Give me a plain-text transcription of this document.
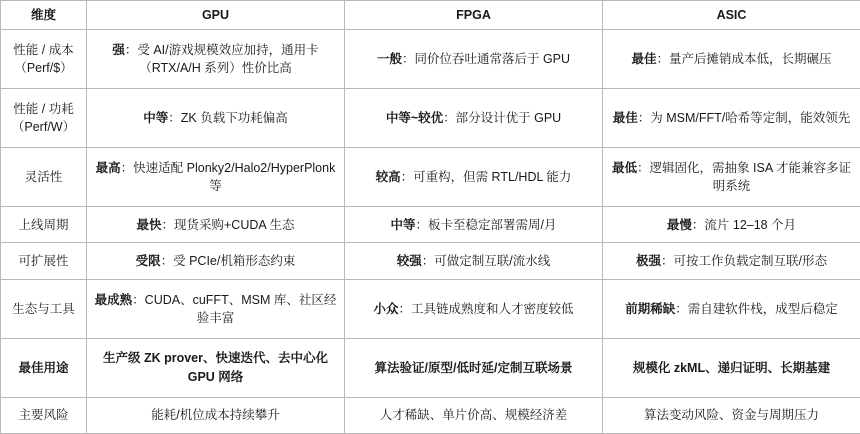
维度	GPU	FPGA	ASIC
性能 / 成本
（Perf/$）	强：受 AI/游戏规模效应加持，通用卡（RTX/A/H 系列）性价比高	一般：同价位吞吐通常落后于 GPU	最佳：量产后摊销成本低，长期碾压
性能 / 功耗
（Perf/W）	中等：ZK 负载下功耗偏高	中等~较优：部分设计优于 GPU	最佳：为 MSM/FFT/哈希等定制，能效领先
灵活性	最高：快速适配 Plonky2/Halo2/HyperPlonk 等	较高：可重构，但需 RTL/HDL 能力	最低：逻辑固化，需抽象 ISA 才能兼容多证明系统
上线周期	最快：现货采购+CUDA 生态	中等：板卡至稳定部署需周/月	最慢：流片 12–18 个月
可扩展性	受限：受 PCIe/机箱形态约束	较强：可做定制互联/流水线	极强：可按工作负载定制互联/形态
生态与工具	最成熟：CUDA、cuFFT、MSM 库、社区经验丰富	小众：工具链成熟度和人才密度较低	前期稀缺：需自建软件栈，成型后稳定
最佳用途	生产级 ZK prover、快速迭代、去中心化 GPU 网络	算法验证/原型/低时延/定制互联场景	规模化 zkML、递归证明、长期基建
主要风险	能耗/机位成本持续攀升	人才稀缺、单片价高、规模经济差	算法变动风险、资金与周期压力
